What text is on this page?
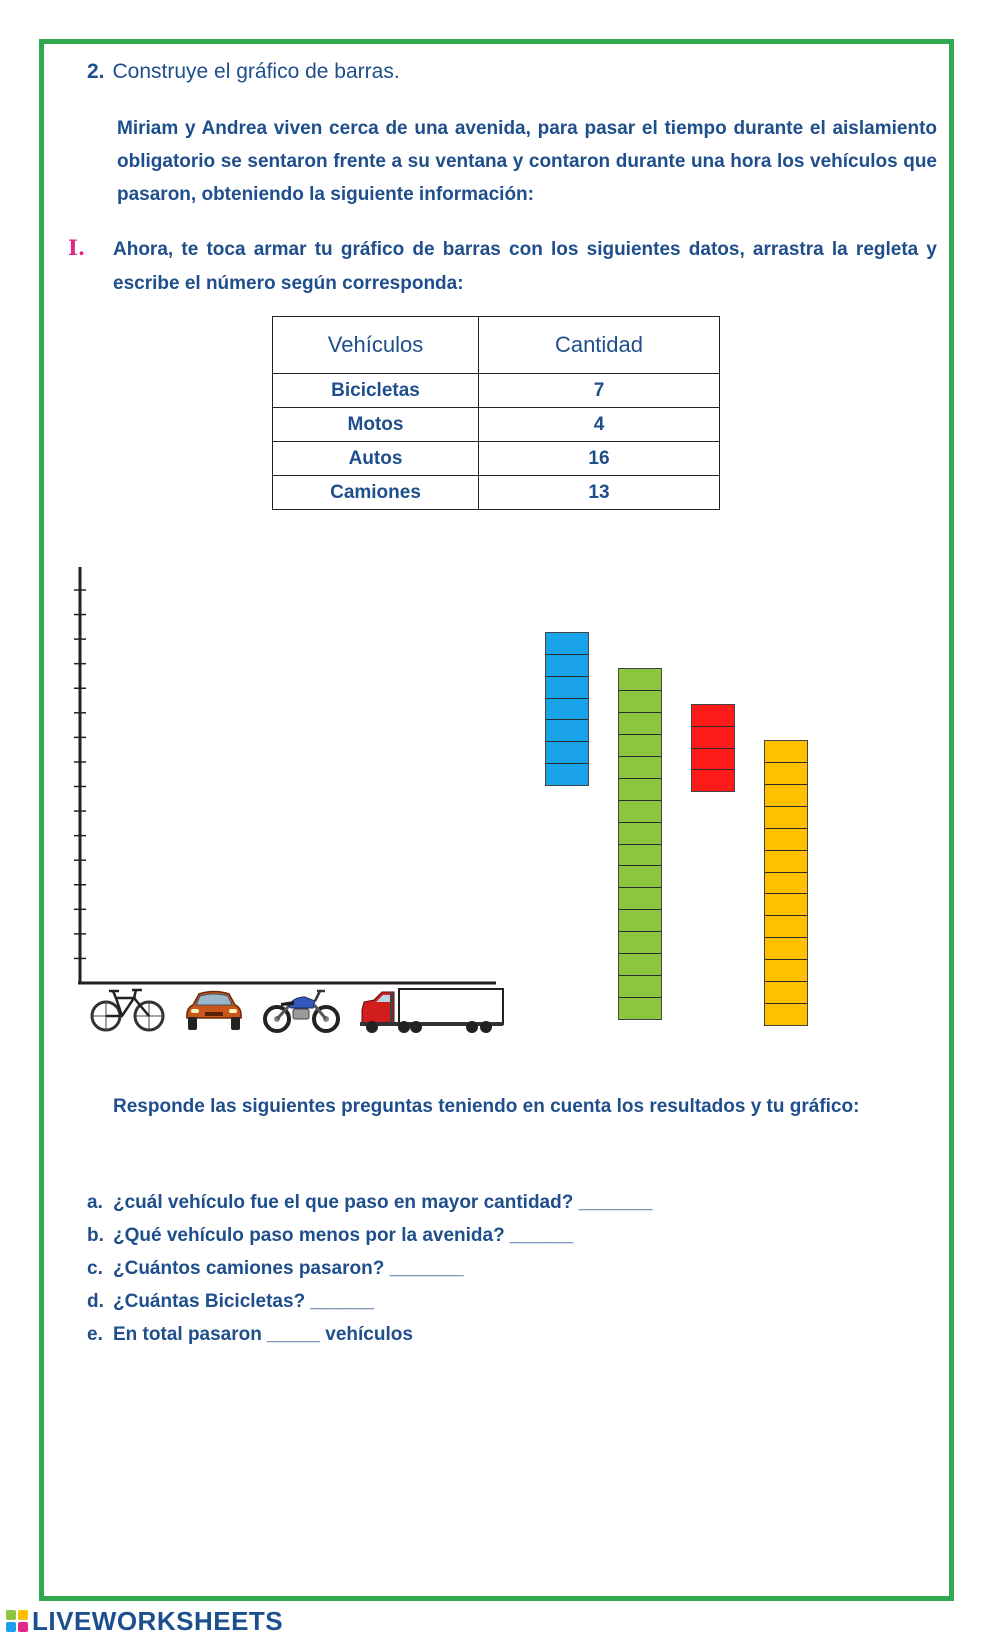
2. Construye el gráfico de barras.
Miriam y Andrea viven cerca de una avenida, para pasar el tiempo durante el aislamiento obligatorio se sentaron frente a su ventana y contaron durante una hora los vehículos que pasaron, obteniendo la siguiente información:
I. Ahora, te toca armar tu gráfico de barras con los siguientes datos, arrastra la regleta y escribe el número según corresponda:
Vehículos	Cantidad
Bicicletas	7
Motos	4
Autos	16
Camiones	13
Responde las siguientes preguntas teniendo en cuenta los resultados y tu gráfico:
a. ¿cuál vehículo fue el que paso en mayor cantidad? _______
b. ¿Qué vehículo paso menos por la avenida? ______
c. ¿Cuántos camiones pasaron? _______
d. ¿Cuántas Bicicletas? ______
e. En total pasaron _____ vehículos
LIVEWORKSHEETS
